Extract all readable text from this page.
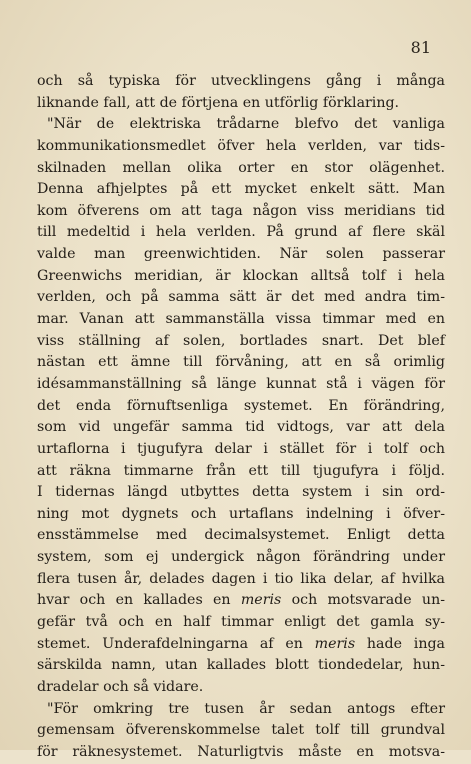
81
och så typiska för utvecklingens gång i många
liknande fall, att de förtjena en utförlig förklaring.
"När de elektriska trådarne blefvo det vanliga
kommunikationsmedlet öfver hela verlden, var tids-
skilnaden mellan olika orter en stor olägenhet.
Denna afhjelptes på ett mycket enkelt sätt. Man
kom öfverens om att taga någon viss meridians tid
till medeltid i hela verlden. På grund af flere skäl
valde man greenwichtiden. När solen passerar
Greenwichs meridian, är klockan alltså tolf i hela
verlden, och på samma sätt är det med andra tim-
mar. Vanan att sammanställa vissa timmar med en
viss ställning af solen, bortlades snart. Det blef
nästan ett ämne till förvåning, att en så orimlig
idésammanställning så länge kunnat stå i vägen för
det enda förnuftsenliga systemet. En förändring,
som vid ungefär samma tid vidtogs, var att dela
urtaflorna i tjugufyra delar i stället för i tolf och
att räkna timmarne från ett till tjugufyra i följd.
I tidernas längd utbyttes detta system i sin ord-
ning mot dygnets och urtaflans indelning i öfver-
ensstämmelse med decimalsystemet. Enligt detta
system, som ej undergick någon förändring under
flera tusen år, delades dagen i tio lika delar, af hvilka
hvar och en kallades en meris och motsvarade un-
gefär två och en half timmar enligt det gamla sy-
stemet. Underafdelningarna af en meris hade inga
särskilda namn, utan kallades blott tiondedelar, hun-
dradelar och så vidare.
"För omkring tre tusen år sedan antogs efter
gemensam öfverenskommelse talet tolf till grundval
för räknesystemet. Naturligtvis måste en motsva-
